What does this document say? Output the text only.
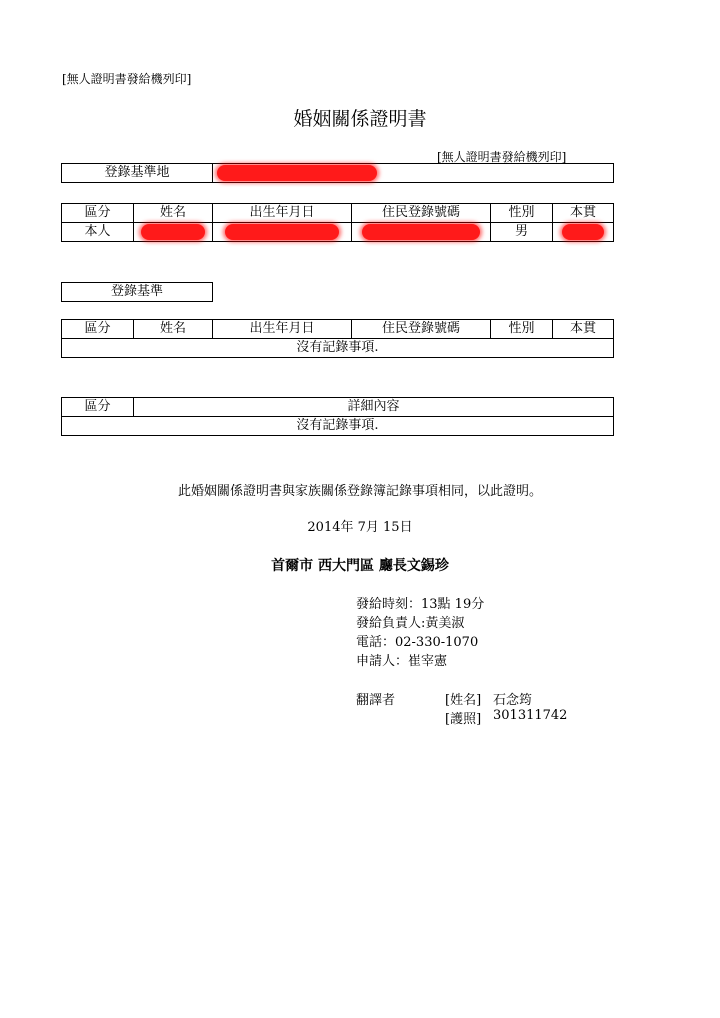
[無人證明書發給機列印]
婚姻關係證明書
[無人證明書發給機列印]
登錄基準地	
區分	姓名	出生年月日	住民登錄號碼	性別	本貫
本人				男	
登錄基準
區分	姓名	出生年月日	住民登錄號碼	性別	本貫
沒有記錄事項.
區分	詳細內容
沒有記錄事項.
此婚姻關係證明書與家族關係登錄簿記錄事項相同，以此證明。
2014年 7月 15日
首爾市 西大門區 廳長文錫珍
發給時刻：13點 19分
發給負責人:黃美淑
電話：02-330-1070
申請人：崔宰憲
翻譯者	[姓名] 石念筠
[護照] 301311742
